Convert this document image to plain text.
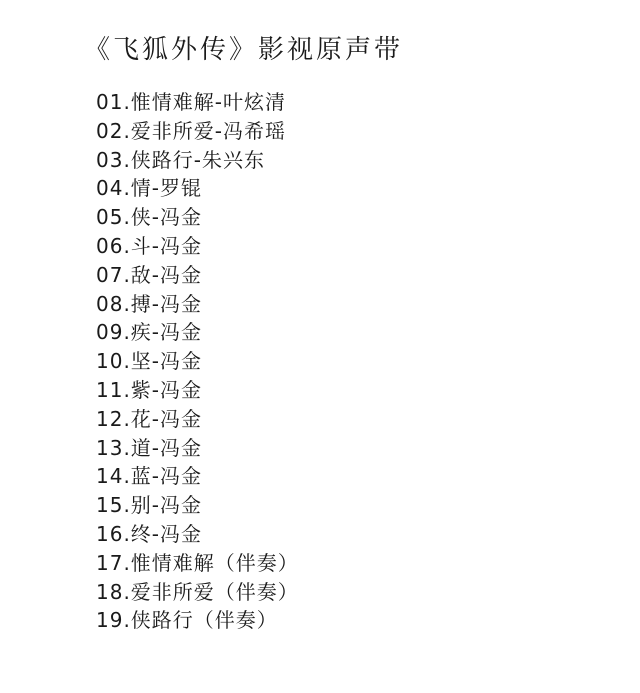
《飞狐外传》影视原声带
01.惟情难解-叶炫清
02.爱非所爱-冯希瑶
03.侠路行-朱兴东
04.情-罗锟
05.侠-冯金
06.斗-冯金
07.敌-冯金
08.搏-冯金
09.疾-冯金
10.坚-冯金
11.紫-冯金
12.花-冯金
13.道-冯金
14.蓝-冯金
15.别-冯金
16.终-冯金
17.惟情难解（伴奏）
18.爱非所爱（伴奏）
19.侠路行（伴奏）
